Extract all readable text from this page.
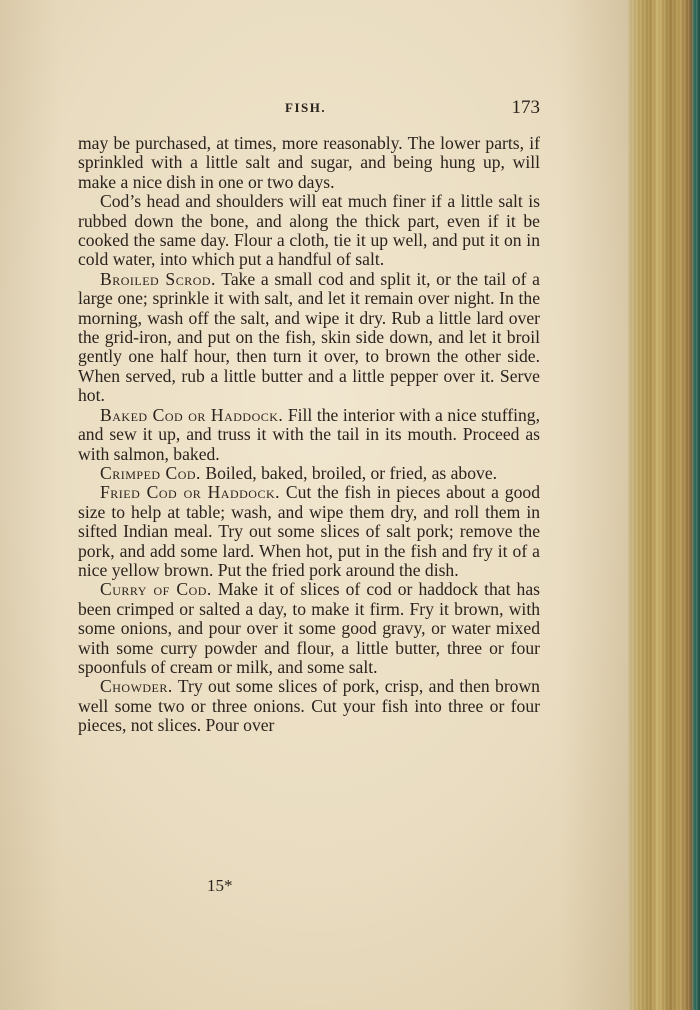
FISH.	173

may be purchased, at times, more reasonably. The lower parts, if sprinkled with a little salt and sugar, and being hung up, will make a nice dish in one or two days.

Cod’s head and shoulders will eat much finer if a little salt is rubbed down the bone, and along the thick part, even if it be cooked the same day. Flour a cloth, tie it up well, and put it on in cold water, into which put a handful of salt.

Broiled Scrod. Take a small cod and split it, or the tail of a large one; sprinkle it with salt, and let it remain over night. In the morning, wash off the salt, and wipe it dry. Rub a little lard over the grid-iron, and put on the fish, skin side down, and let it broil gently one half hour, then turn it over, to brown the other side. When served, rub a little butter and a little pepper over it. Serve hot.

Baked Cod or Haddock. Fill the interior with a nice stuffing, and sew it up, and truss it with the tail in its mouth. Proceed as with salmon, baked.

Crimped Cod. Boiled, baked, broiled, or fried, as above.

Fried Cod or Haddock. Cut the fish in pieces about a good size to help at table; wash, and wipe them dry, and roll them in sifted Indian meal. Try out some slices of salt pork; remove the pork, and add some lard. When hot, put in the fish and fry it of a nice yellow brown. Put the fried pork around the dish.

Curry of Cod. Make it of slices of cod or haddock that has been crimped or salted a day, to make it firm. Fry it brown, with some onions, and pour over it some good gravy, or water mixed with some curry powder and flour, a little butter, three or four spoonfuls of cream or milk, and some salt.

Chowder. Try out some slices of pork, crisp, and then brown well some two or three onions. Cut your fish into three or four pieces, not slices. Pour over

15*
